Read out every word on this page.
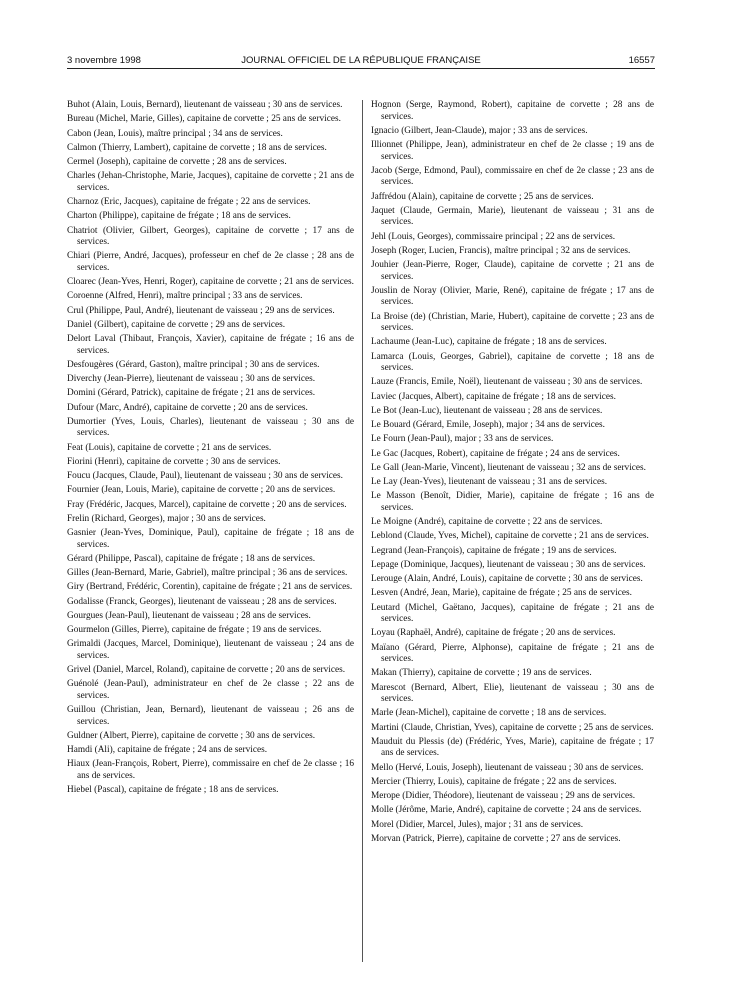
3 novembre 1998	JOURNAL OFFICIEL DE LA RÉPUBLIQUE FRANÇAISE	16557

Buhot (Alain, Louis, Bernard), lieutenant de vaisseau ; 30 ans de services.

Bureau (Michel, Marie, Gilles), capitaine de corvette ; 25 ans de services.

Cabon (Jean, Louis), maître principal ; 34 ans de services.

Calmon (Thierry, Lambert), capitaine de corvette ; 18 ans de services.

Cermel (Joseph), capitaine de corvette ; 28 ans de services.

Charles (Jehan-Christophe, Marie, Jacques), capitaine de corvette ; 21 ans de services.

Charnoz (Eric, Jacques), capitaine de frégate ; 22 ans de services.

Charton (Philippe), capitaine de frégate ; 18 ans de services.

Chatriot (Olivier, Gilbert, Georges), capitaine de corvette ; 17 ans de services.

Chiari (Pierre, André, Jacques), professeur en chef de 2e classe ; 28 ans de services.

Cloarec (Jean-Yves, Henri, Roger), capitaine de corvette ; 21 ans de services.

Coroenne (Alfred, Henri), maître principal ; 33 ans de services.

Crul (Philippe, Paul, André), lieutenant de vaisseau ; 29 ans de services.

Daniel (Gilbert), capitaine de corvette ; 29 ans de services.

Delort Laval (Thibaut, François, Xavier), capitaine de frégate ; 16 ans de services.

Desfougères (Gérard, Gaston), maître principal ; 30 ans de services.

Diverchy (Jean-Pierre), lieutenant de vaisseau ; 30 ans de services.

Domini (Gérard, Patrick), capitaine de frégate ; 21 ans de services.

Dufour (Marc, André), capitaine de corvette ; 20 ans de services.

Dumortier (Yves, Louis, Charles), lieutenant de vaisseau ; 30 ans de services.

Feat (Louis), capitaine de corvette ; 21 ans de services.

Fiorini (Henri), capitaine de corvette ; 30 ans de services.

Foucu (Jacques, Claude, Paul), lieutenant de vaisseau ; 30 ans de services.

Fournier (Jean, Louis, Marie), capitaine de corvette ; 20 ans de services.

Fray (Frédéric, Jacques, Marcel), capitaine de corvette ; 20 ans de services.

Frelin (Richard, Georges), major ; 30 ans de services.

Gasnier (Jean-Yves, Dominique, Paul), capitaine de frégate ; 18 ans de services.

Gérard (Philippe, Pascal), capitaine de frégate ; 18 ans de services.

Gilles (Jean-Bernard, Marie, Gabriel), maître principal ; 36 ans de services.

Giry (Bertrand, Frédéric, Corentin), capitaine de frégate ; 21 ans de services.

Godalisse (Franck, Georges), lieutenant de vaisseau ; 28 ans de services.

Gourgues (Jean-Paul), lieutenant de vaisseau ; 28 ans de services.

Gourmelon (Gilles, Pierre), capitaine de frégate ; 19 ans de services.

Grimaldi (Jacques, Marcel, Dominique), lieutenant de vaisseau ; 24 ans de services.

Grivel (Daniel, Marcel, Roland), capitaine de corvette ; 20 ans de services.

Guénolé (Jean-Paul), administrateur en chef de 2e classe ; 22 ans de services.

Guillou (Christian, Jean, Bernard), lieutenant de vaisseau ; 26 ans de services.

Guldner (Albert, Pierre), capitaine de corvette ; 30 ans de services.

Hamdi (Ali), capitaine de frégate ; 24 ans de services.

Hiaux (Jean-François, Robert, Pierre), commissaire en chef de 2e classe ; 16 ans de services.

Hiebel (Pascal), capitaine de frégate ; 18 ans de services.

Hognon (Serge, Raymond, Robert), capitaine de corvette ; 28 ans de services.

Ignacio (Gilbert, Jean-Claude), major ; 33 ans de services.

Illionnet (Philippe, Jean), administrateur en chef de 2e classe ; 19 ans de services.

Jacob (Serge, Edmond, Paul), commissaire en chef de 2e classe ; 23 ans de services.

Jaffrédou (Alain), capitaine de corvette ; 25 ans de services.

Jaquet (Claude, Germain, Marie), lieutenant de vaisseau ; 31 ans de services.

Jehl (Louis, Georges), commissaire principal ; 22 ans de services.

Joseph (Roger, Lucien, Francis), maître principal ; 32 ans de services.

Jouhier (Jean-Pierre, Roger, Claude), capitaine de corvette ; 21 ans de services.

Jouslin de Noray (Olivier, Marie, René), capitaine de frégate ; 17 ans de services.

La Broise (de) (Christian, Marie, Hubert), capitaine de corvette ; 23 ans de services.

Lachaume (Jean-Luc), capitaine de frégate ; 18 ans de services.

Lamarca (Louis, Georges, Gabriel), capitaine de corvette ; 18 ans de services.

Lauze (Francis, Emile, Noël), lieutenant de vaisseau ; 30 ans de services.

Laviec (Jacques, Albert), capitaine de frégate ; 18 ans de services.

Le Bot (Jean-Luc), lieutenant de vaisseau ; 28 ans de services.

Le Bouard (Gérard, Emile, Joseph), major ; 34 ans de services.

Le Fourn (Jean-Paul), major ; 33 ans de services.

Le Gac (Jacques, Robert), capitaine de frégate ; 24 ans de services.

Le Gall (Jean-Marie, Vincent), lieutenant de vaisseau ; 32 ans de services.

Le Lay (Jean-Yves), lieutenant de vaisseau ; 31 ans de services.

Le Masson (Benoît, Didier, Marie), capitaine de frégate ; 16 ans de services.

Le Moigne (André), capitaine de corvette ; 22 ans de services.

Leblond (Claude, Yves, Michel), capitaine de corvette ; 21 ans de services.

Legrand (Jean-François), capitaine de frégate ; 19 ans de services.

Lepage (Dominique, Jacques), lieutenant de vaisseau ; 30 ans de services.

Lerouge (Alain, André, Louis), capitaine de corvette ; 30 ans de services.

Lesven (André, Jean, Marie), capitaine de frégate ; 25 ans de services.

Leutard (Michel, Gaëtano, Jacques), capitaine de frégate ; 21 ans de services.

Loyau (Raphaël, André), capitaine de frégate ; 20 ans de services.

Maïano (Gérard, Pierre, Alphonse), capitaine de frégate ; 21 ans de services.

Makan (Thierry), capitaine de corvette ; 19 ans de services.

Marescot (Bernard, Albert, Elie), lieutenant de vaisseau ; 30 ans de services.

Marle (Jean-Michel), capitaine de corvette ; 18 ans de services.

Martini (Claude, Christian, Yves), capitaine de corvette ; 25 ans de services.

Mauduit du Plessis (de) (Frédéric, Yves, Marie), capitaine de frégate ; 17 ans de services.

Mello (Hervé, Louis, Joseph), lieutenant de vaisseau ; 30 ans de services.

Mercier (Thierry, Louis), capitaine de frégate ; 22 ans de services.

Merope (Didier, Théodore), lieutenant de vaisseau ; 29 ans de services.

Molle (Jérôme, Marie, André), capitaine de corvette ; 24 ans de services.

Morel (Didier, Marcel, Jules), major ; 31 ans de services.

Morvan (Patrick, Pierre), capitaine de corvette ; 27 ans de services.
